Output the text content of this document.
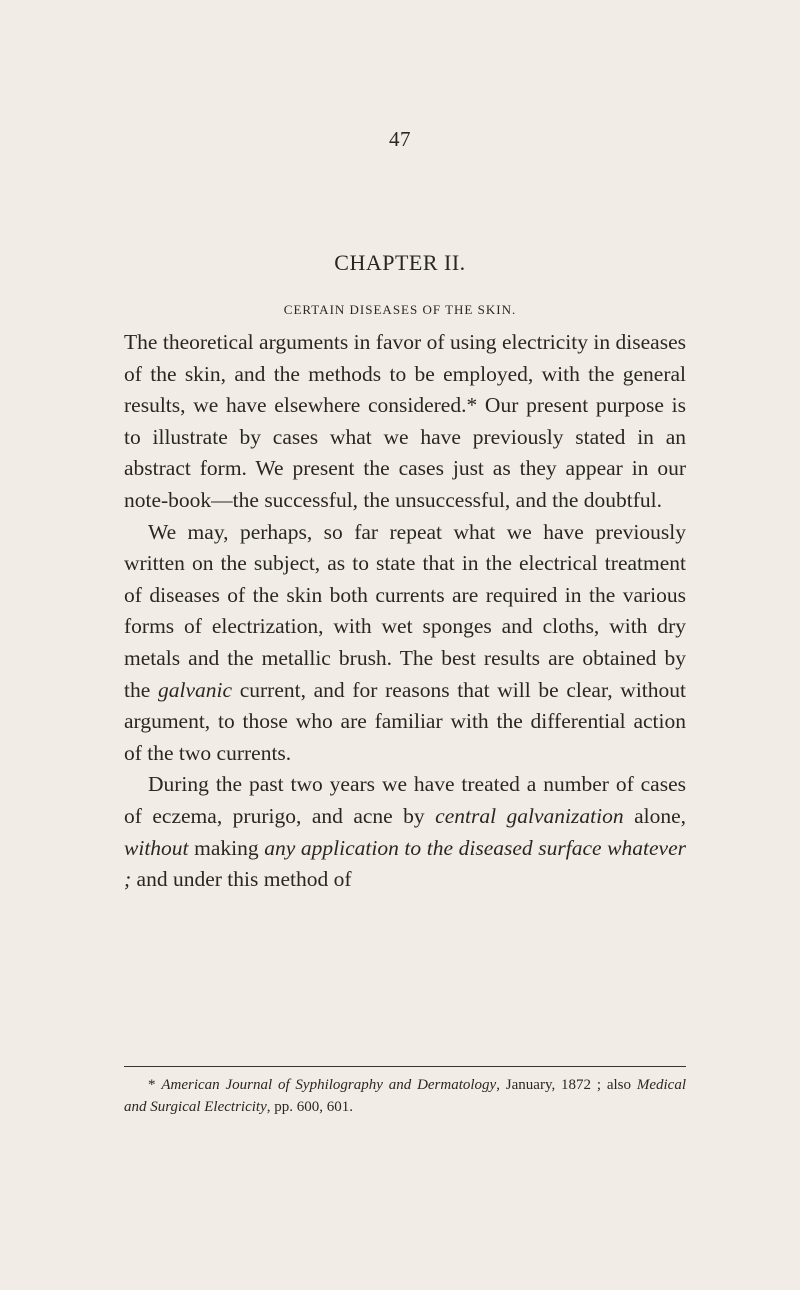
47
CHAPTER II.
CERTAIN DISEASES OF THE SKIN.

The theoretical arguments in favor of using electricity in diseases of the skin, and the methods to be employed, with the general results, we have elsewhere considered.* Our present purpose is to illustrate by cases what we have previously stated in an abstract form. We present the cases just as they appear in our note-book—the successful, the unsuccessful, and the doubtful.

We may, perhaps, so far repeat what we have previously written on the subject, as to state that in the electrical treatment of diseases of the skin both currents are required in the various forms of electrization, with wet sponges and cloths, with dry metals and the metallic brush. The best results are obtained by the galvanic current, and for reasons that will be clear, without argument, to those who are familiar with the differential action of the two currents.

During the past two years we have treated a number of cases of eczema, prurigo, and acne by central galvanization alone, without making any application to the diseased surface whatever ; and under this method of

* American Journal of Syphilography and Dermatology, January, 1872 ; also Medical and Surgical Electricity, pp. 600, 601.
